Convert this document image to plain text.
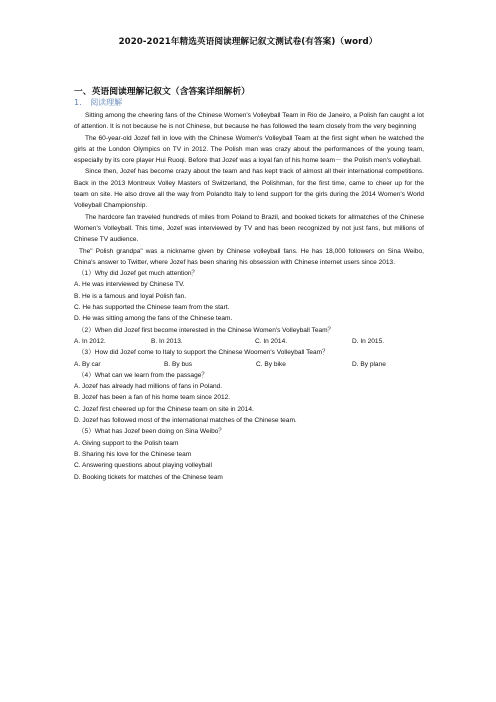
2020-2021年精选英语阅读理解记叙文测试卷(有答案)（word）
一、英语阅读理解记叙文（含答案详细解析）
1. 阅读理解

Sitting among the cheering fans of the Chinese Women's Volleyball Team in Rio de Janeiro, a Polish fan caught a lot of attention. It is not because he is not Chinese, but because he has followed the team closely from the very beginning

The 60-year-old Jozef fell in love with the Chinese Women's Volleyball Team at the first sight when he watched the girls at the London Olympics on TV in 2012. The Polish man was crazy about the performances of the young team, especially by its core player Hui Ruoqi. Before that Jozef was a loyal fan of his home team－ the Polish men's volleyball.

Since then, Jozef has become crazy about the team and has kept track of almost all their international competitions. Back in the 2013 Montreux Volley Masters of Switzerland, the Polishman, for the first time, came to cheer up for the team on site. He also drove all the way from Polandto Italy to lend support for the girls during the 2014 Women's World Volleyball Championship.

The hardcore fan traveled hundreds of miles from Poland to Brazil, and booked tickets for allmatches of the Chinese Women's Volleyball. This time, Jozef was interviewed by TV and has been recognized by not just fans, but millions of Chinese TV audience.

The" Polish grandpa" was a nickname given by Chinese volleyball fans. He has 18,000 followers on Sina Weibo, China's answer to Twitter, where Jozef has been sharing his obsession with Chinese internet users since 2013.

（1）Why did Jozef get much attention？

A. He was interviewed by Chinese TV.

B. He is a famous and loyal Polish fan.

C. He has supported the Chinese team from the start.

D. He was sitting among the fans of the Chinese team.

（2）When did Jozef first become interested in the Chinese Women's Volleyball Team？

A. In 2012.	B. In 2013.	C. In 2014.	D. In 2015.

（3）How did Jozef come to Italy to support the Chinese Woomen's Volleyball Team？

A. By car	B. By bus	C. By bike	D. By plane

（4）What can we learn from the passage？

A. Jozef has already had millions of fans in Poland.

B. Jozef has been a fan of his home team since 2012.

C. Jozef first cheered up for the Chinese team on site in 2014.

D. Jozef has followed most of the international matches of the Chinese team.

（5）What has Jozef been doing on Sina Weibo？

A. Giving support to the Polish team

B. Sharing his love for the Chinese team

C. Answering questions about playing volleyball

D. Booking tickets for matches of the Chinese team
